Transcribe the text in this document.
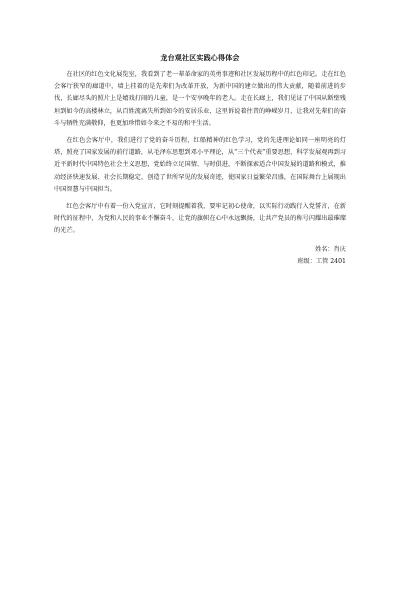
龙台观社区实践心得体会

在社区的红色文化展览室，我看到了老一辈革命家的英勇事迹和社区发展历程中的红色印记。走在红色会客厅狭窄的廊道中，墙上挂着的是先辈们为改革开放，为新中国的建立做出的伟大贡献，随着前进的步伐，长廊尽头的照片上是嬉戏打闹的儿童，是一个安享晚年的老人。走在长廊上，我们见证了中国从断壁残垣到如今的高楼林立，从百姓流离失所到如今的安居乐业，这里诉说着往昔的峥嵘岁月，让我对先辈们的奋斗与牺牲充满敬仰，也更加珍惜如今来之不易的和平生活。

在红色会客厅中，我们进行了党的奋斗历程，红船精神的红色学习，党的先进理论如同一座明亮的灯塔，照亮了国家发展的前行道路，从毛泽东思想到邓小平理论，从“三个代表”重要思想，科学发展观再到习近平新时代中国特色社会主义思想，党始终立足国情、与时俱进，不断探索适合中国发展的道路和模式，推动经济快速发展、社会长期稳定，创造了世所罕见的发展奇迹，使国家日益繁荣昌盛，在国际舞台上展现出中国智慧与中国担当。

红色会客厅中有着一份入党宣言，它时刻提醒着我，要牢记初心使命，以实际行动践行入党誓言，在新时代的征程中，为党和人民的事业不懈奋斗，让党的旗帜在心中永远飘扬，让共产党员的称号闪耀出最璀璨的光芒。

姓名：肖庆

班级：工管 2401
